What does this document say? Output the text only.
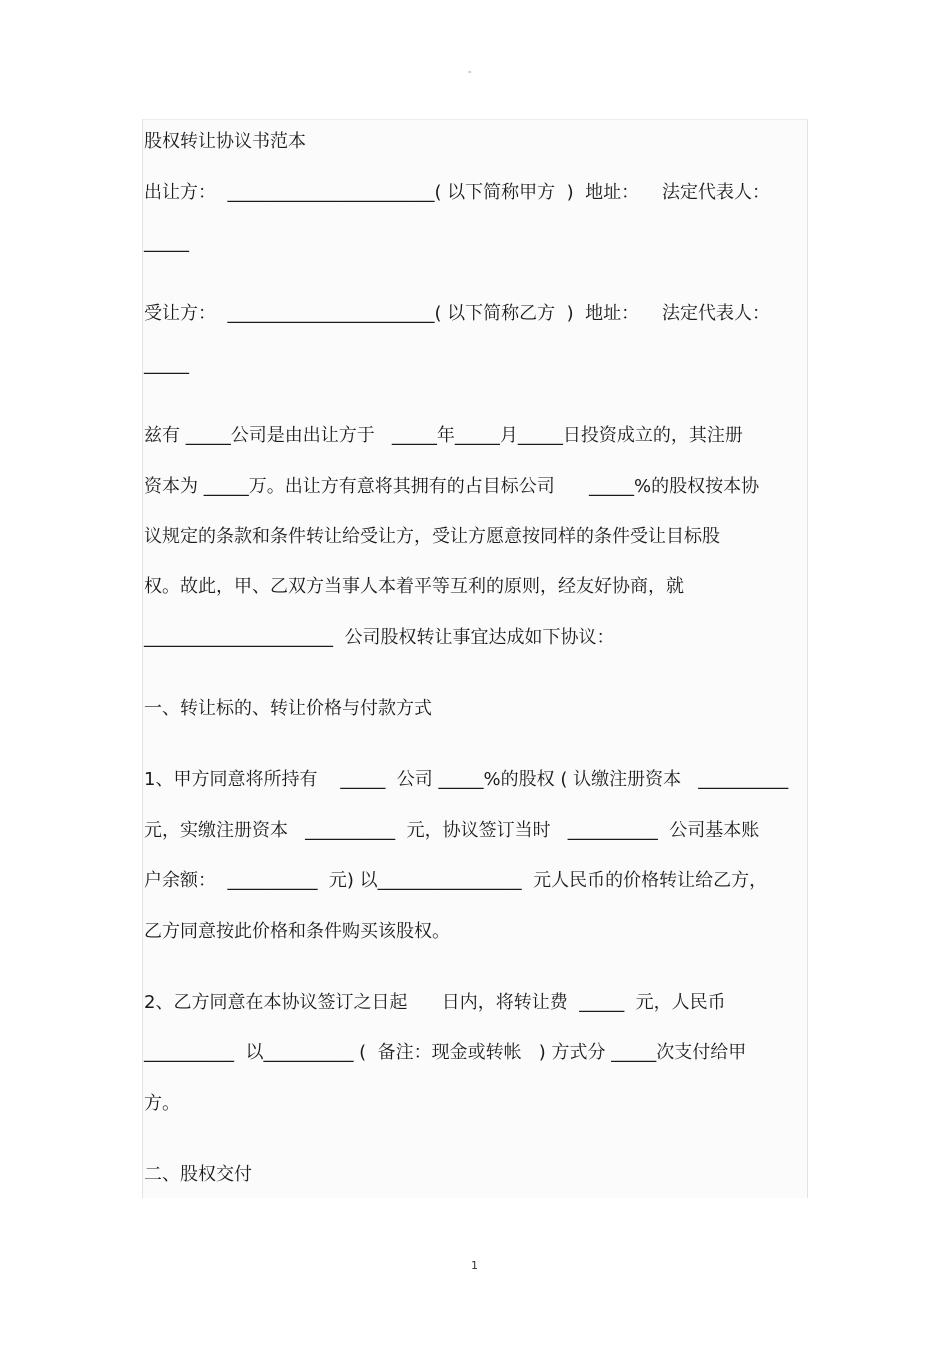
"
股权转让协议书范本
出让方：  _______________________( 以下简称甲方  )  地址：    法定代表人：
_____
受让方：  _______________________( 以下简称乙方  )  地址：    法定代表人：
_____
兹有 _____公司是由出让方于   _____年_____月_____日投资成立的，其注册
资本为 _____万。出让方有意将其拥有的占目标公司      _____%的股权按本协
议规定的条款和条件转让给受让方，受让方愿意按同样的条件受让目标股
权。故此，甲、乙双方当事人本着平等互利的原则，经友好协商，就
_____________________  公司股权转让事宜达成如下协议：
一、转让标的、转让价格与付款方式
1、甲方同意将所持有    _____  公司 _____%的股权 ( 认缴注册资本   __________
元，实缴注册资本   __________  元，协议签订当时   __________  公司基本账
户余额：  __________  元) 以________________  元人民币的价格转让给乙方，
乙方同意按此价格和条件购买该股权。
2、乙方同意在本协议签订之日起      日内，将转让费  _____  元，人民币
__________  以__________ (  备注：现金或转帐   ) 方式分 _____次支付给甲
方。
二、股权交付
1
